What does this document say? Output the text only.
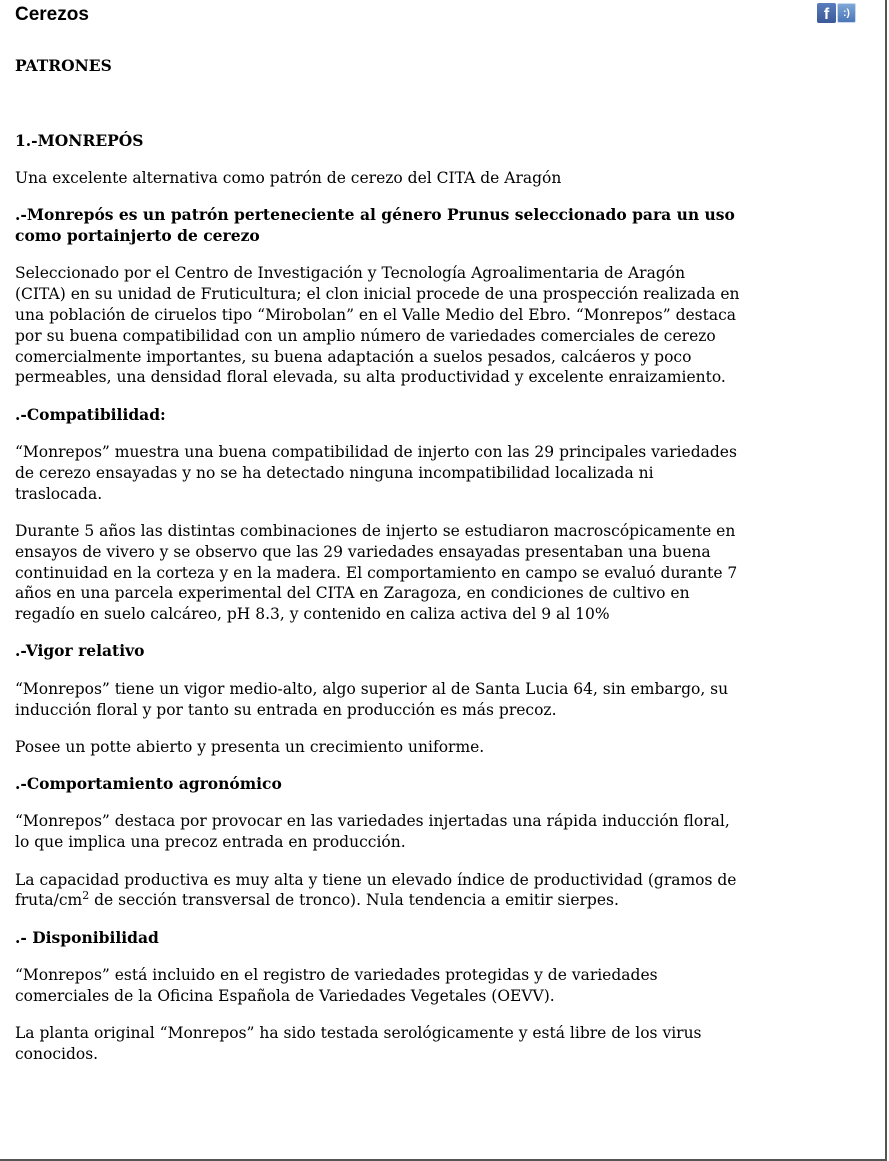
Cerezos	f	:)
PATRONES
1.-MONREPÓS

Una excelente alternativa como patrón de cerezo del CITA de Aragón

.-Monrepós es un patrón perteneciente al género Prunus seleccionado para un uso como portainjerto de cerezo

Seleccionado por el Centro de Investigación y Tecnología Agroalimentaria de Aragón (CITA) en su unidad de Fruticultura; el clon inicial procede de una prospección realizada en una población de ciruelos tipo “Mirobolan” en el Valle Medio del Ebro. “Monrepos” destaca por su buena compatibilidad con un amplio número de variedades comerciales de cerezo comercialmente importantes, su buena adaptación a suelos pesados, calcáeros y poco permeables, una densidad floral elevada, su alta productividad y excelente enraizamiento.

.-Compatibilidad:

“Monrepos” muestra una buena compatibilidad de injerto con las 29 principales variedades de cerezo ensayadas y no se ha detectado ninguna incompatibilidad localizada ni traslocada.

Durante 5 años las distintas combinaciones de injerto se estudiaron macroscópicamente en ensayos de vivero y se observo que las 29 variedades ensayadas presentaban una buena continuidad en la corteza y en la madera. El comportamiento en campo se evaluó durante 7 años en una parcela experimental del CITA en Zaragoza, en condiciones de cultivo en regadío en suelo calcáreo, pH 8.3, y contenido en caliza activa del 9 al 10%

.-Vigor relativo

“Monrepos” tiene un vigor medio-alto, algo superior al de Santa Lucia 64, sin embargo, su inducción floral y por tanto su entrada en producción es más precoz.

Posee un potte abierto y presenta un crecimiento uniforme.

.-Comportamiento agronómico

“Monrepos” destaca por provocar en las variedades injertadas una rápida inducción floral, lo que implica una precoz entrada en producción.

La capacidad productiva es muy alta y tiene un elevado índice de productividad (gramos de fruta/$cm^2$ de sección transversal de tronco). Nula tendencia a emitir sierpes.

.- Disponibilidad

“Monrepos” está incluido en el registro de variedades protegidas y de variedades comerciales de la Oficina Española de Variedades Vegetales (OEVV).

La planta original “Monrepos” ha sido testada serológicamente y está libre de los virus conocidos.
